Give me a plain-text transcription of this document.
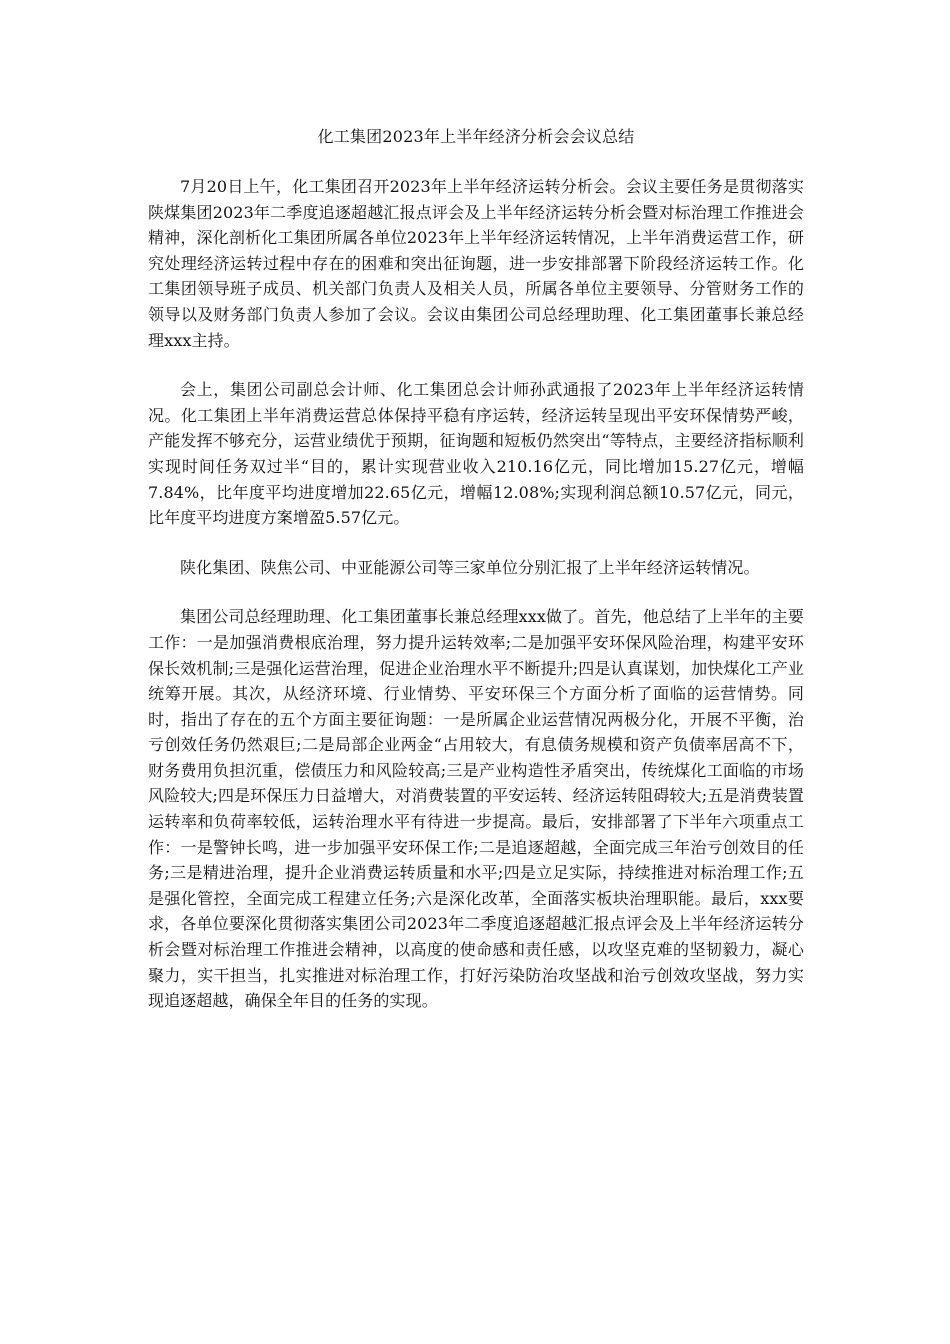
化工集团2023年上半年经济分析会会议总结

7月20日上午，化工集团召开2023年上半年经济运转分析会。会议主要任务是贯彻落实陕煤集团2023年二季度追逐超越汇报点评会及上半年经济运转分析会暨对标治理工作推进会精神，深化剖析化工集团所属各单位2023年上半年经济运转情况，上半年消费运营工作，研究处理经济运转过程中存在的困难和突出征询题，进一步安排部署下阶段经济运转工作。化工集团领导班子成员、机关部门负责人及相关人员，所属各单位主要领导、分管财务工作的领导以及财务部门负责人参加了会议。会议由集团公司总经理助理、化工集团董事长兼总经理xxx主持。

会上，集团公司副总会计师、化工集团总会计师孙武通报了2023年上半年经济运转情况。化工集团上半年消费运营总体保持平稳有序运转，经济运转呈现出平安环保情势严峻，产能发挥不够充分，运营业绩优于预期，征询题和短板仍然突出“等特点，主要经济指标顺利实现时间任务双过半“目的，累计实现营业收入210.16亿元，同比增加15.27亿元，增幅7.84%，比年度平均进度增加22.65亿元，增幅12.08%;实现利润总额10.57亿元，同元，比年度平均进度方案增盈5.57亿元。

陕化集团、陕焦公司、中亚能源公司等三家单位分别汇报了上半年经济运转情况。

集团公司总经理助理、化工集团董事长兼总经理xxx做了。首先，他总结了上半年的主要工作：一是加强消费根底治理，努力提升运转效率;二是加强平安环保风险治理，构建平安环保长效机制;三是强化运营治理，促进企业治理水平不断提升;四是认真谋划，加快煤化工产业统筹开展。其次，从经济环境、行业情势、平安环保三个方面分析了面临的运营情势。同时，指出了存在的五个方面主要征询题：一是所属企业运营情况两极分化，开展不平衡，治亏创效任务仍然艰巨;二是局部企业两金“占用较大，有息债务规模和资产负债率居高不下，财务费用负担沉重，偿债压力和风险较高;三是产业构造性矛盾突出，传统煤化工面临的市场风险较大;四是环保压力日益增大，对消费装置的平安运转、经济运转阻碍较大;五是消费装置运转率和负荷率较低，运转治理水平有待进一步提高。最后，安排部署了下半年六项重点工作：一是警钟长鸣，进一步加强平安环保工作;二是追逐超越，全面完成三年治亏创效目的任务;三是精进治理，提升企业消费运转质量和水平;四是立足实际，持续推进对标治理工作;五是强化管控，全面完成工程建立任务;六是深化改革，全面落实板块治理职能。最后，xxx要求，各单位要深化贯彻落实集团公司2023年二季度追逐超越汇报点评会及上半年经济运转分析会暨对标治理工作推进会精神，以高度的使命感和责任感，以攻坚克难的坚韧毅力，凝心聚力，实干担当，扎实推进对标治理工作，打好污染防治攻坚战和治亏创效攻坚战，努力实现追逐超越，确保全年目的任务的实现。
